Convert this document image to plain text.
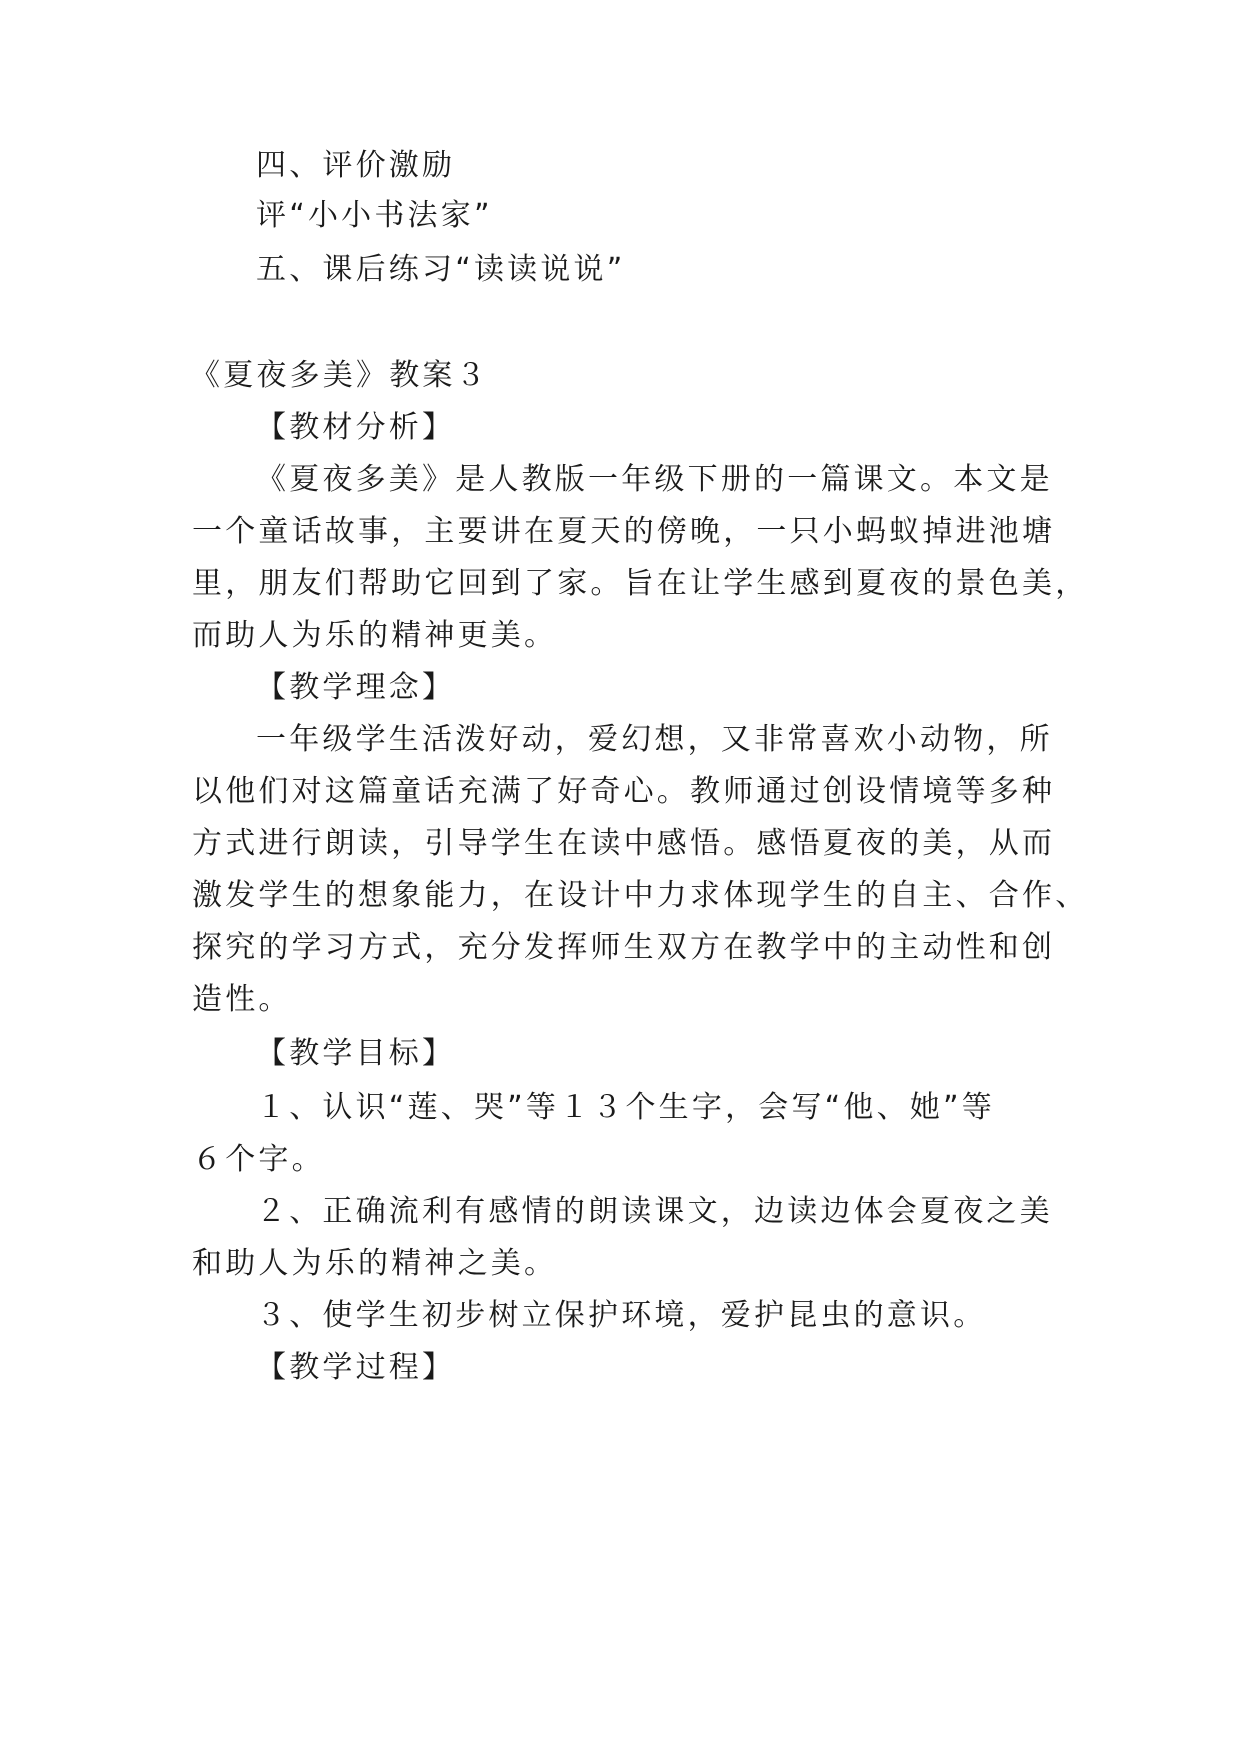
四、评价激励
评“小小书法家”
五、课后练习“读读说说”
《夏夜多美》教案３
【教材分析】
《夏夜多美》是人教版一年级下册的一篇课文。本文是
一个童话故事，主要讲在夏天的傍晚，一只小蚂蚁掉进池塘
里，朋友们帮助它回到了家。旨在让学生感到夏夜的景色美，
而助人为乐的精神更美。
【教学理念】
一年级学生活泼好动，爱幻想，又非常喜欢小动物，所
以他们对这篇童话充满了好奇心。教师通过创设情境等多种
方式进行朗读，引导学生在读中感悟。感悟夏夜的美，从而
激发学生的想象能力，在设计中力求体现学生的自主、合作、
探究的学习方式，充分发挥师生双方在教学中的主动性和创
造性。
【教学目标】
１、认识“莲、哭”等１３个生字，会写“他、她”等
６个字。
２、正确流利有感情的朗读课文，边读边体会夏夜之美
和助人为乐的精神之美。
３、使学生初步树立保护环境，爱护昆虫的意识。
【教学过程】
